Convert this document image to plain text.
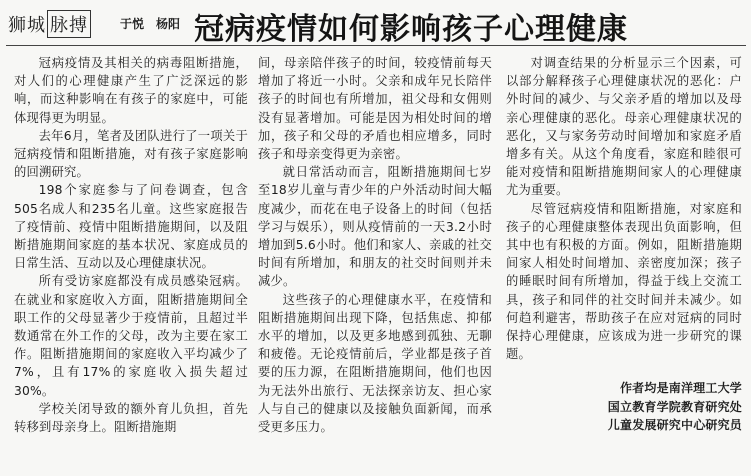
狮城 脉搏	于悦　杨阳 冠病疫情如何影响孩子心理健康

冠病疫情及其相关的病毒阻断措施，对人们的心理健康产生了广泛深远的影响，而这种影响在有孩子的家庭中，可能体现得更为明显。

去年6月，笔者及团队进行了一项关于冠病疫情和阻断措施，对有孩子家庭影响的回溯研究。

198个家庭参与了问卷调查，包含505名成人和235名儿童。这些家庭报告了疫情前、疫情中阻断措施期间，以及阻断措施期间家庭的基本状况、家庭成员的日常生活、互动以及心理健康状况。

所有受访家庭都没有成员感染冠病。在就业和家庭收入方面，阻断措施期间全职工作的父母显著少于疫情前，且超过半数通常在外工作的父母，改为主要在家工作。阻断措施期间的家庭收入平均减少了7%，且有17%的家庭收入损失超过30%。

学校关闭导致的额外育儿负担，首先转移到母亲身上。阻断措施期

间，母亲陪伴孩子的时间，较疫情前每天增加了将近一小时。父亲和成年兄长陪伴孩子的时间也有所增加，祖父母和女佣则没有显著增加。可能是因为相处时间的增加，孩子和父母的矛盾也相应增多，同时孩子和母亲变得更为亲密。

就日常活动而言，阻断措施期间七岁至18岁儿童与青少年的户外活动时间大幅度减少，而花在电子设备上的时间（包括学习与娱乐），则从疫情前的一天3.2小时增加到5.6小时。他们和家人、亲戚的社交时间有所增加，和朋友的社交时间则并未减少。

这些孩子的心理健康水平，在疫情和阻断措施期间出现下降，包括焦虑、抑郁水平的增加，以及更多地感到孤独、无聊和疲倦。无论疫情前后，学业都是孩子首要的压力源，在阻断措施期间，他们也因为无法外出旅行、无法探亲访友、担心家人与自己的健康以及接触负面新闻，而承受更多压力。

对调查结果的分析显示三个因素，可以部分解释孩子心理健康状况的恶化：户外时间的减少、与父亲矛盾的增加以及母亲心理健康的恶化。母亲心理健康状况的恶化，又与家务劳动时间增加和家庭矛盾增多有关。从这个角度看，家庭和睦很可能对疫情和阻断措施期间家人的心理健康尤为重要。

尽管冠病疫情和阻断措施，对家庭和孩子的心理健康整体表现出负面影响，但其中也有积极的方面。例如，阻断措施期间家人相处时间增加、亲密度加深；孩子的睡眠时间有所增加，得益于线上交流工具，孩子和同伴的社交时间并未减少。如何趋利避害，帮助孩子在应对冠病的同时保持心理健康，应该成为进一步研究的课题。

作者均是南洋理工大学
国立教育学院教育研究处
儿童发展研究中心研究员
